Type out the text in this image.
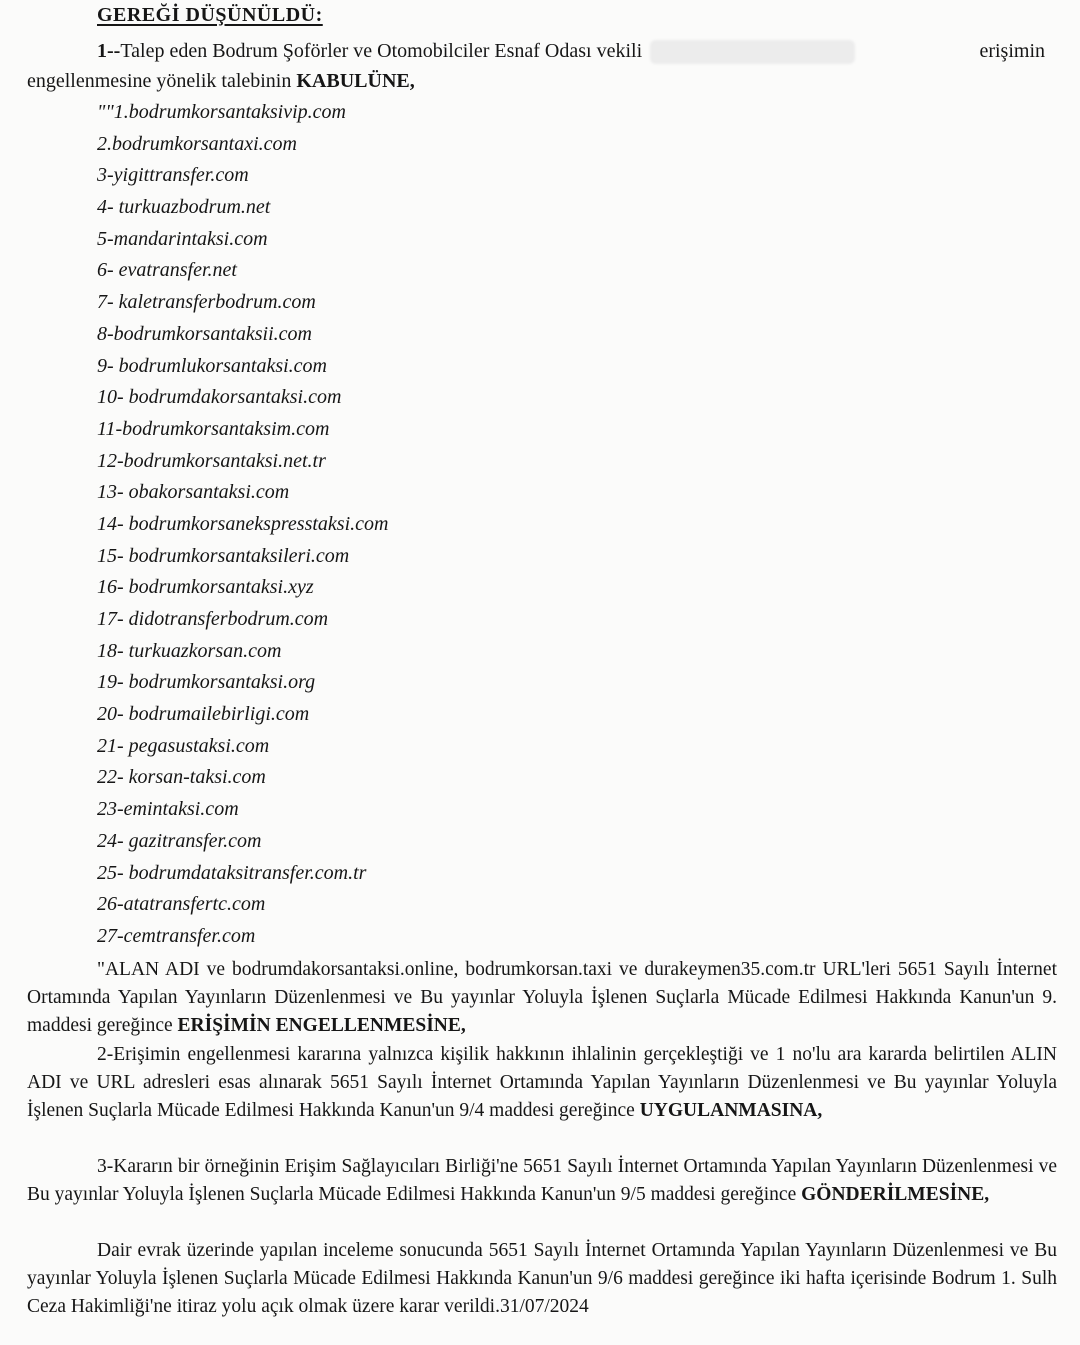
GEREĞİ DÜŞÜNÜLDÜ:
1--Talep eden Bodrum Şoförler ve Otomobilciler Esnaf Odası vekili	erişimin
engellenmesine yönelik talebinin KABULÜNE,
""1.bodrumkorsantaksivip.com
2.bodrumkorsantaxi.com
3-yigittransfer.com
4- turkuazbodrum.net
5-mandarintaksi.com
6- evatransfer.net
7- kaletransferbodrum.com
8-bodrumkorsantaksii.com
9- bodrumlukorsantaksi.com
10- bodrumdakorsantaksi.com
11-bodrumkorsantaksim.com
12-bodrumkorsantaksi.net.tr
13- obakorsantaksi.com
14- bodrumkorsanekspresstaksi.com
15- bodrumkorsantaksileri.com
16- bodrumkorsantaksi.xyz
17- didotransferbodrum.com
18- turkuazkorsan.com
19- bodrumkorsantaksi.org
20- bodrumailebirligi.com
21- pegasustaksi.com
22- korsan-taksi.com
23-emintaksi.com
24- gazitransfer.com
25- bodrumdataksitransfer.com.tr
26-atatransfertc.com
27-cemtransfer.com

"ALAN ADI ve bodrumdakorsantaksi.online, bodrumkorsan.taxi ve durakeymen35.com.tr URL'leri 5651 Sayılı İnternet Ortamında Yapılan Yayınların Düzenlenmesi ve Bu yayınlar Yoluyla İşlenen Suçlarla Mücade Edilmesi Hakkında Kanun'un 9. maddesi gereğince ERİŞİMİN ENGELLENMESİNE,

2-Erişimin engellenmesi kararına yalnızca kişilik hakkının ihlalinin gerçekleştiği ve 1 no'lu ara kararda belirtilen ALIN ADI ve URL adresleri esas alınarak 5651 Sayılı İnternet Ortamında Yapılan Yayınların Düzenlenmesi ve Bu yayınlar Yoluyla İşlenen Suçlarla Mücade Edilmesi Hakkında Kanun'un 9/4 maddesi gereğince UYGULANMASINA,

3-Kararın bir örneğinin Erişim Sağlayıcıları Birliği'ne 5651 Sayılı İnternet Ortamında Yapılan Yayınların Düzenlenmesi ve Bu yayınlar Yoluyla İşlenen Suçlarla Mücade Edilmesi Hakkında Kanun'un 9/5 maddesi gereğince GÖNDERİLMESİNE,

Dair evrak üzerinde yapılan inceleme sonucunda 5651 Sayılı İnternet Ortamında Yapılan Yayınların Düzenlenmesi ve Bu yayınlar Yoluyla İşlenen Suçlarla Mücade Edilmesi Hakkında Kanun'un 9/6 maddesi gereğince iki hafta içerisinde Bodrum 1. Sulh Ceza Hakimliği'ne itiraz yolu açık olmak üzere karar verildi.31/07/2024
